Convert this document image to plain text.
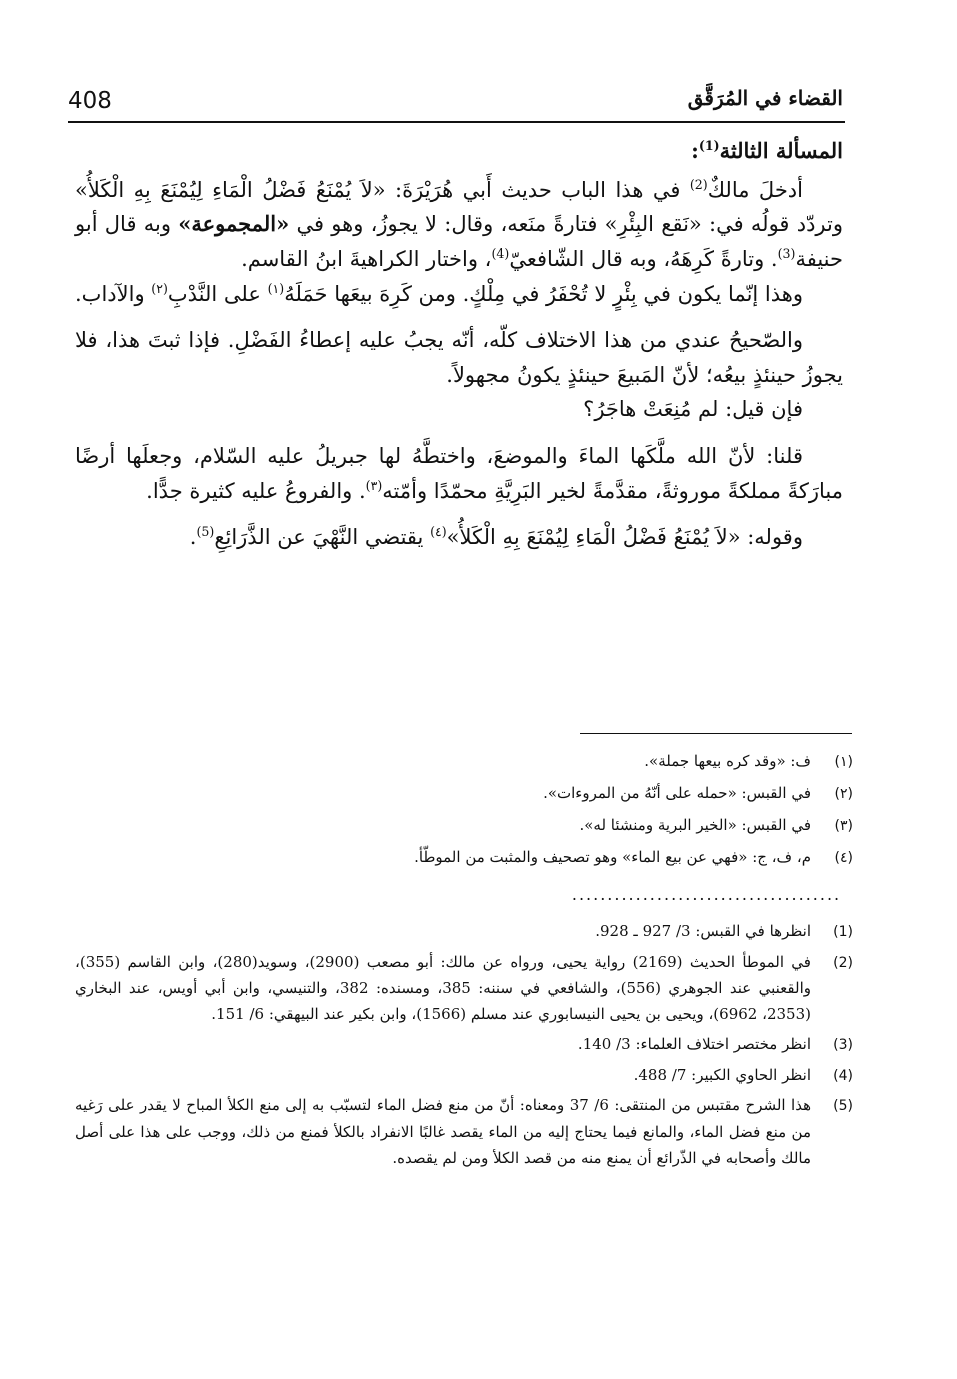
408	القضاء في المُرَقَّق
المسألة الثالثة$^{(1)}$:

أدخلَ مالكٌ$^{(2)}$ في هذا الباب حديث أَبي هُرَيْرَةَ: «لاَ يُمْنَعُ فَضْلُ الْمَاءِ لِيُمْنَعَ بِهِ الْكَلأُ» وتردّد قولُه في: «نَقع البِئْرِ» فتارةً منَعه، وقال: لا يجوزُ، وهو في «المجموعة» وبه قال أبو حنيفة$^{(3)}$. وتارةً كَرِهَهُ، وبه قال الشّافعيّ$^{(4)}$، واختار الكراهيةَ ابنُ القاسم.

وهذا إنّما يكون في بِئْرٍ لا تُحْفَرُ في مِلْكٍ. ومن كَرِهَ بيعَها حَمَلَهُ$^{(١)}$ على النَّدْبِ$^{(٢)}$ والآداب.

والصّحيحُ عندي من هذا الاختلاف كلّه، أنّه يجبُ عليه إعطاءُ الفَضْلِ. فإذا ثبتَ هذا، فلا يجوزُ حينئذٍ بيعُه؛ لأنّ المَبيعَ حينئذٍ يكونُ مجهولاً.

فإن قيل: لم مُنِعَتْ هاجَرُ؟

قلنا: لأنّ الله ملَّكَها الماءَ والموضعَ، واختطَّهُ لها جبريلُ عليه السّلام، وجعلَها أرضًا مبارَكةً مملكةً موروثةً، مقدَّمةً لخير البَرِيَّةِ محمّدًا وأمّته$^{(٣)}$. والفروعُ عليه كثيرة جدًّا.

وقوله: «لاَ يُمْنَعُ فَضْلُ الْمَاءِ لِيُمْنَعَ بِهِ الْكَلأُ»$^{(٤)}$ يقتضي النَّهْيَ عن الذَّرَائِعِ$^{(5)}$.

(١)
ف: «وقد كره بيعها جملة».
(٢)
في القبس: «حمله على أنّهُ من المروءات».
(٣)
في القبس: «الخير البرية ومنشئا له».
(٤)
م، ف، ج: «فهي عن بيع الماء» وهو تصحيف والمثبت من الموطّأ.
......................................
(1)
انظرها في القبس: 3/ 927 ـ 928.
(2)
في الموطأ الحديث (2169) رواية يحيى، ورواه عن مالك: أبو مصعب (2900)، وسويد(280)، وابن القاسم (355)، والقعنبي عند الجوهري (556)، والشافعي في سننه: 385، ومسنده: 382، والتنيسي، وابن أبي أويس، عند البخاري (2353، 6962)، ويحيى بن يحيى النيسابوري عند مسلم (1566)، وابن بكير عند البيهقي: 6/ 151.
(3)
انظر مختصر اختلاف العلماء: 3/ 140.
(4)
انظر الحاوي الكبير: 7/ 488.
(5)
هذا الشرح مقتبس من المنتقى: 6/ 37 ومعناه: أنّ من منع فضل الماء لتسبّب به إلى منع الكلأ المباح لا يقدر على رَغيه من منع فضل الماء، والمانع فيما يحتاج إليه من الماء يقصد غالبًا الانفراد بالكلأ فمنع من ذلك، ووجب على هذا على أصل مالك وأصحابه في الذّرائع أن يمنع منه من قصد الكلأ ومن لم يقصده.
